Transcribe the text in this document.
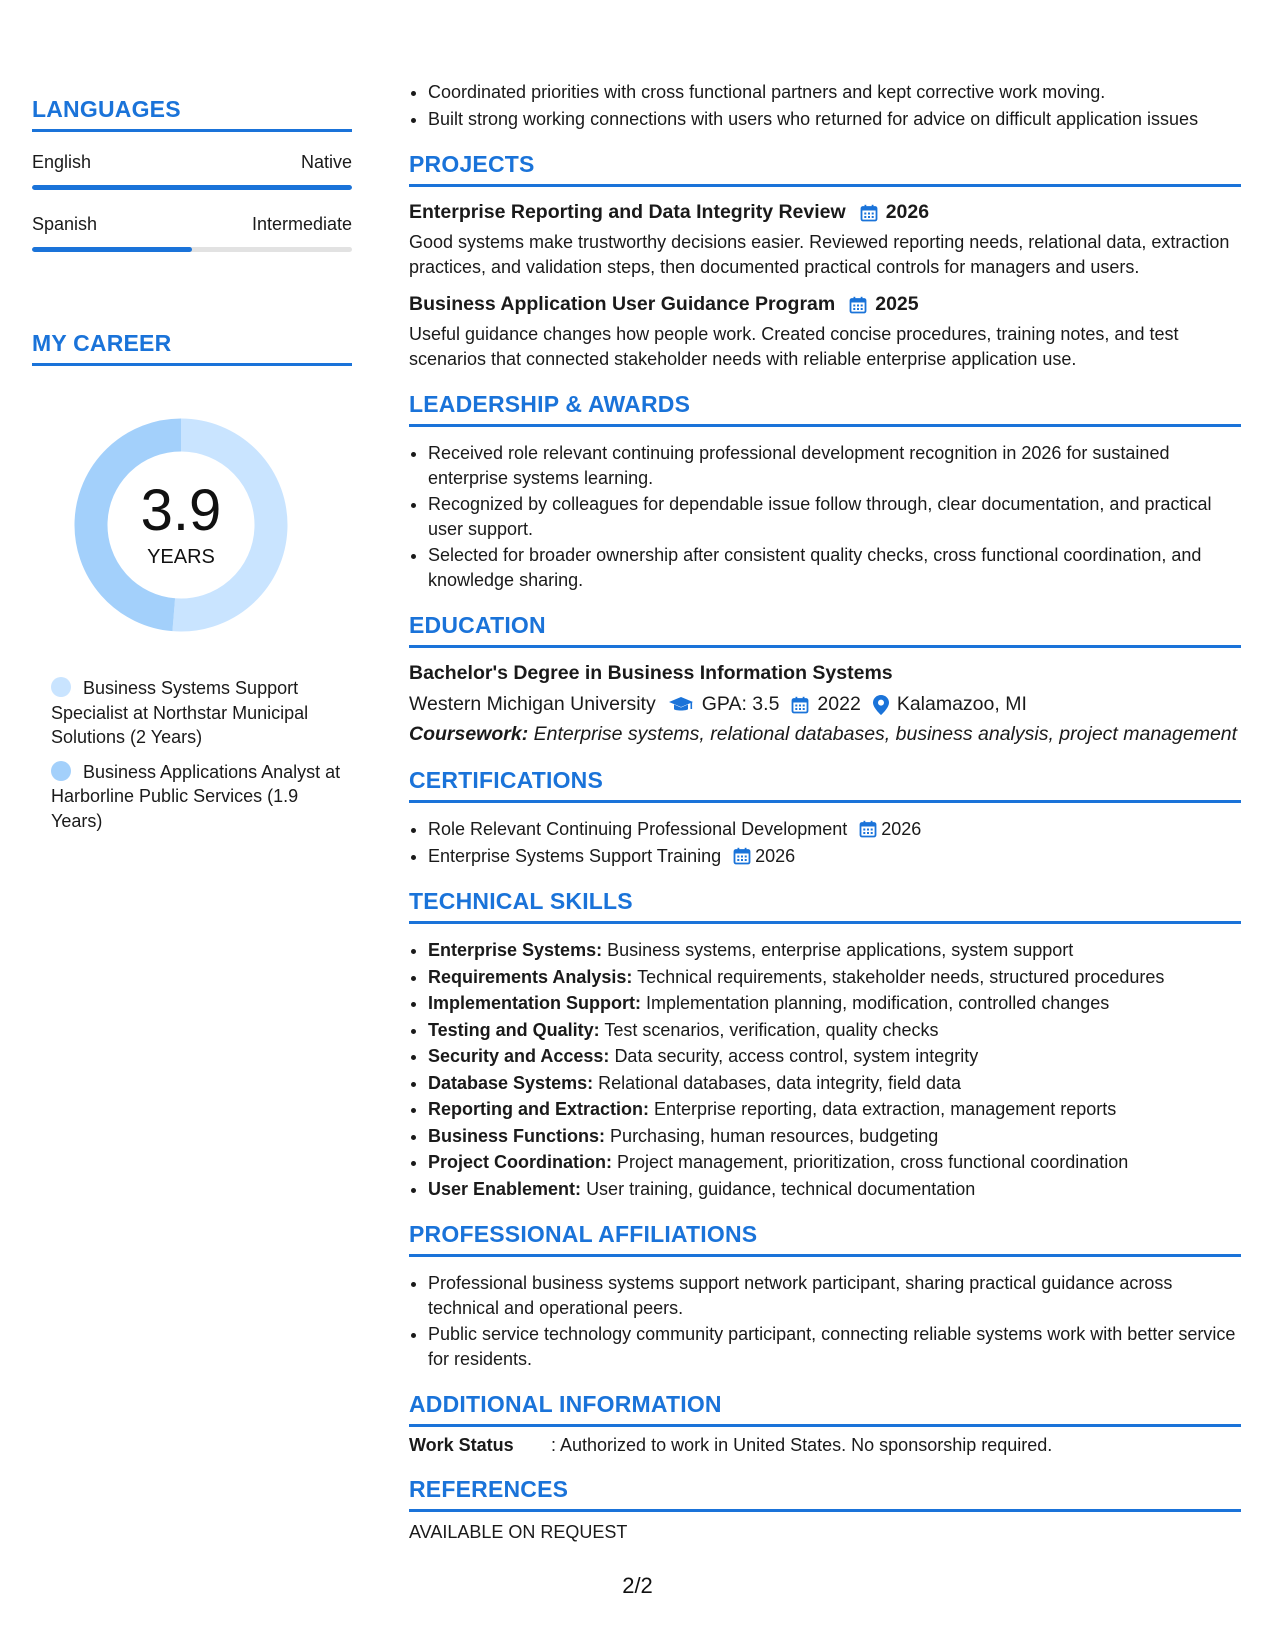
LANGUAGES
English	Native
Spanish	Intermediate
MY CAREER
3.9
YEARS
Business Systems Support Specialist at Northstar Municipal Solutions (2 Years)
Business Applications Analyst at Harborline Public Services (1.9 Years)
• Coordinated priorities with cross functional partners and kept corrective work moving.
• Built strong working connections with users who returned for advice on difficult application issues
PROJECTS
Enterprise Reporting and Data Integrity Review 2026
Good systems make trustworthy decisions easier. Reviewed reporting needs, relational data, extraction practices, and validation steps, then documented practical controls for managers and users.
Business Application User Guidance Program 2025
Useful guidance changes how people work. Created concise procedures, training notes, and test scenarios that connected stakeholder needs with reliable enterprise application use.
LEADERSHIP & AWARDS
• Received role relevant continuing professional development recognition in 2026 for sustained enterprise systems learning.
• Recognized by colleagues for dependable issue follow through, clear documentation, and practical user support.
• Selected for broader ownership after consistent quality checks, cross functional coordination, and knowledge sharing.
EDUCATION
Bachelor's Degree in Business Information Systems
Western Michigan University GPA: 3.5 2022 Kalamazoo, MI
Coursework: Enterprise systems, relational databases, business analysis, project management
CERTIFICATIONS
• Role Relevant Continuing Professional Development 2026
• Enterprise Systems Support Training 2026
TECHNICAL SKILLS
• Enterprise Systems: Business systems, enterprise applications, system support
• Requirements Analysis: Technical requirements, stakeholder needs, structured procedures
• Implementation Support: Implementation planning, modification, controlled changes
• Testing and Quality: Test scenarios, verification, quality checks
• Security and Access: Data security, access control, system integrity
• Database Systems: Relational databases, data integrity, field data
• Reporting and Extraction: Enterprise reporting, data extraction, management reports
• Business Functions: Purchasing, human resources, budgeting
• Project Coordination: Project management, prioritization, cross functional coordination
• User Enablement: User training, guidance, technical documentation
PROFESSIONAL AFFILIATIONS
• Professional business systems support network participant, sharing practical guidance across technical and operational peers.
• Public service technology community participant, connecting reliable systems work with better service for residents.
ADDITIONAL INFORMATION
Work Status	: Authorized to work in United States. No sponsorship required.
REFERENCES
AVAILABLE ON REQUEST
2/2
